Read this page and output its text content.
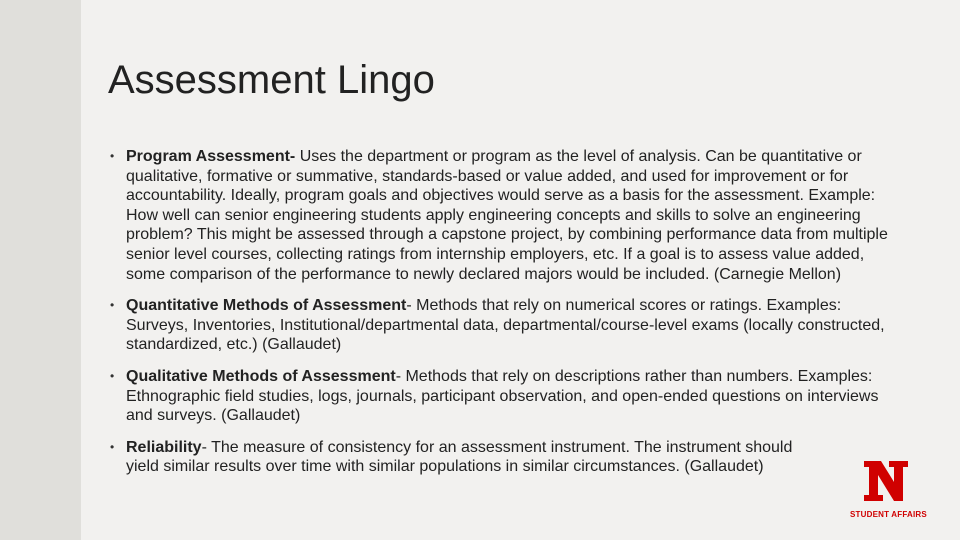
Assessment Lingo
• Program Assessment- Uses the department or program as the level of analysis. Can be quantitative or qualitative, formative or summative, standards-based or value added, and used for improvement or for accountability. Ideally, program goals and objectives would serve as a basis for the assessment. Example: How well can senior engineering students apply engineering concepts and skills to solve an engineering problem? This might be assessed through a capstone project, by combining performance data from multiple senior level courses, collecting ratings from internship employers, etc. If a goal is to assess value added, some comparison of the performance to newly declared majors would be included. (Carnegie Mellon)
• Quantitative Methods of Assessment- Methods that rely on numerical scores or ratings. Examples: Surveys, Inventories, Institutional/departmental data, departmental/course-level exams (locally constructed, standardized, etc.) (Gallaudet)
• Qualitative Methods of Assessment- Methods that rely on descriptions rather than numbers. Examples: Ethnographic field studies, logs, journals, participant observation, and open-ended questions on interviews and surveys. (Gallaudet)
• Reliability- The measure of consistency for an assessment instrument. The instrument should yield similar results over time with similar populations in similar circumstances. (Gallaudet)
STUDENT AFFAIRS
